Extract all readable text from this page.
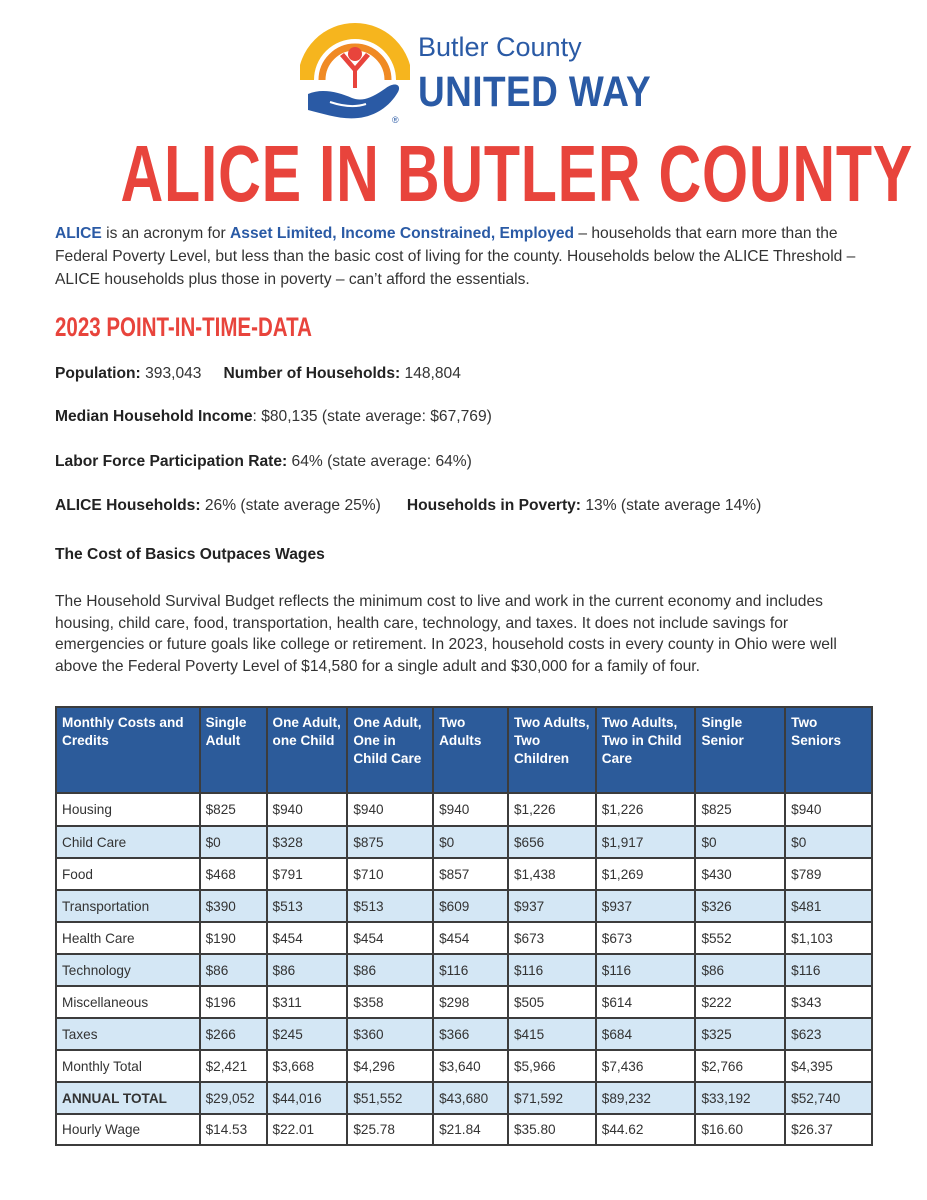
®
Butler County
UNITED WAY
ALICE IN BUTLER COUNTY
ALICE is an acronym for Asset Limited, Income Constrained, Employed – households that earn more than the Federal Poverty Level, but less than the basic cost of living for the county. Households below the ALICE Threshold – ALICE households plus those in poverty – can’t afford the essentials.
2023 POINT-IN-TIME-DATA
Population: 393,043 Number of Households: 148,804
Median Household Income: $80,135 (state average: $67,769)
Labor Force Participation Rate: 64% (state average: 64%)
ALICE Households: 26% (state average 25%) Households in Poverty: 13% (state average 14%)
The Cost of Basics Outpaces Wages
The Household Survival Budget reflects the minimum cost to live and work in the current economy and includes housing, child care, food, transportation, health care, technology, and taxes. It does not include savings for emergencies or future goals like college or retirement. In 2023, household costs in every county in Ohio were well above the Federal Poverty Level of $14,580 for a single adult and $30,000 for a family of four.
Monthly Costs and Credits	Single Adult	One Adult, one Child	One Adult, One in Child Care	Two Adults	Two Adults, Two Children	Two Adults, Two in Child Care	Single Senior	Two Seniors
Housing	$825	$940	$940	$940	$1,226	$1,226	$825	$940
Child Care	$0	$328	$875	$0	$656	$1,917	$0	$0
Food	$468	$791	$710	$857	$1,438	$1,269	$430	$789
Transportation	$390	$513	$513	$609	$937	$937	$326	$481
Health Care	$190	$454	$454	$454	$673	$673	$552	$1,103
Technology	$86	$86	$86	$116	$116	$116	$86	$116
Miscellaneous	$196	$311	$358	$298	$505	$614	$222	$343
Taxes	$266	$245	$360	$366	$415	$684	$325	$623
Monthly Total	$2,421	$3,668	$4,296	$3,640	$5,966	$7,436	$2,766	$4,395
ANNUAL TOTAL	$29,052	$44,016	$51,552	$43,680	$71,592	$89,232	$33,192	$52,740
Hourly Wage	$14.53	$22.01	$25.78	$21.84	$35.80	$44.62	$16.60	$26.37
